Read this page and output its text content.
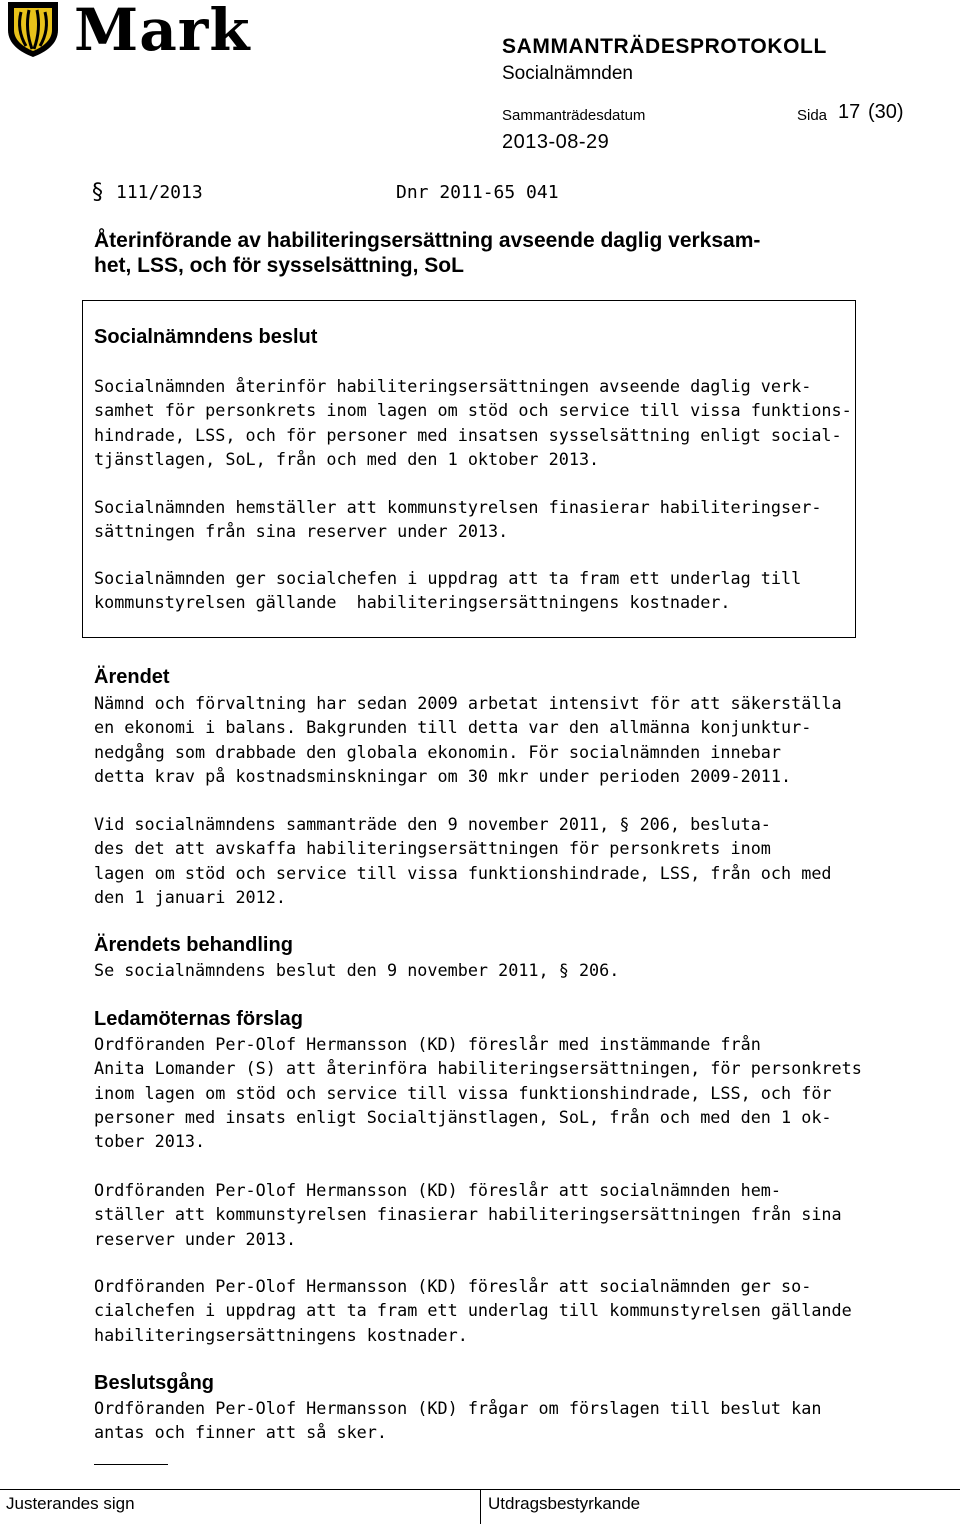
Mark	SAMMANTRÄDESPROTOKOLL
Socialnämnden
Sammanträdesdatum	Sida 17 (30)
2013-08-29
§ 111/2013	Dnr 2011-65 041
Återinförande av habiliteringsersättning avseende daglig verksam-
het, LSS, och för sysselsättning, SoL
Socialnämndens beslut
Socialnämnden återinför habiliteringsersättningen avseende daglig verk-
samhet för personkrets inom lagen om stöd och service till vissa funktions-
hindrade, LSS, och för personer med insatsen sysselsättning enligt social-
tjänstlagen, SoL, från och med den 1 oktober 2013.
Socialnämnden hemställer att kommunstyrelsen finasierar habiliteringser-
sättningen från sina reserver under 2013.
Socialnämnden ger socialchefen i uppdrag att ta fram ett underlag till
kommunstyrelsen gällande  habiliteringsersättningens kostnader.
Ärendet
Nämnd och förvaltning har sedan 2009 arbetat intensivt för att säkerställa
en ekonomi i balans. Bakgrunden till detta var den allmänna konjunktur-
nedgång som drabbade den globala ekonomin. För socialnämnden innebar
detta krav på kostnadsminskningar om 30 mkr under perioden 2009-2011.
Vid socialnämndens sammanträde den 9 november 2011, § 206, besluta-
des det att avskaffa habiliteringsersättningen för personkrets inom
lagen om stöd och service till vissa funktionshindrade, LSS, från och med
den 1 januari 2012.
Ärendets behandling
Se socialnämndens beslut den 9 november 2011, § 206.
Ledamöternas förslag
Ordföranden Per-Olof Hermansson (KD) föreslår med instämmande från
Anita Lomander (S) att återinföra habiliteringsersättningen, för personkrets
inom lagen om stöd och service till vissa funktionshindrade, LSS, och för
personer med insats enligt Socialtjänstlagen, SoL, från och med den 1 ok-
tober 2013.
Ordföranden Per-Olof Hermansson (KD) föreslår att socialnämnden hem-
ställer att kommunstyrelsen finasierar habiliteringsersättningen från sina
reserver under 2013.
Ordföranden Per-Olof Hermansson (KD) föreslår att socialnämnden ger so-
cialchefen i uppdrag att ta fram ett underlag till kommunstyrelsen gällande
habiliteringsersättningens kostnader.
Beslutsgång
Ordföranden Per-Olof Hermansson (KD) frågar om förslagen till beslut kan
antas och finner att så sker.
Justerandes sign	Utdragsbestyrkande
